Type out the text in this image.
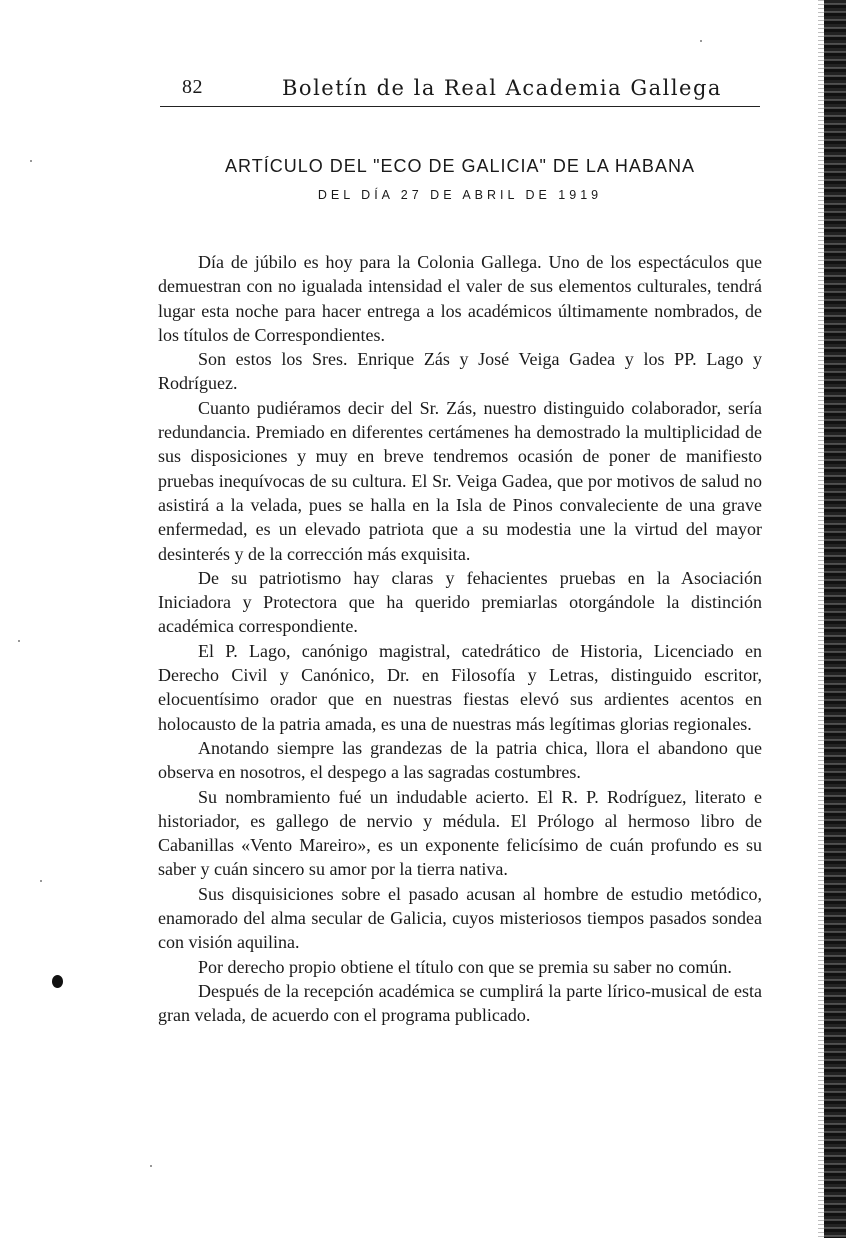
82	Boletín de la Real Academia Gallega
ARTÍCULO DEL "ECO DE GALICIA" DE LA HABANA
DEL DÍA 27 DE ABRIL DE 1919

Día de júbilo es hoy para la Colonia Gallega. Uno de los espectáculos que demuestran con no igualada intensidad el valer de sus elementos culturales, tendrá lugar esta noche para hacer entrega a los académicos últimamente nombrados, de los títulos de Correspondientes.

Son estos los Sres. Enrique Zás y José Veiga Gadea y los PP. Lago y Rodríguez.

Cuanto pudiéramos decir del Sr. Zás, nuestro distinguido colaborador, sería redundancia. Premiado en diferentes certámenes ha demostrado la multiplicidad de sus disposiciones y muy en breve tendremos ocasión de poner de manifiesto pruebas inequívocas de su cultura. El Sr. Veiga Gadea, que por motivos de salud no asistirá a la velada, pues se halla en la Isla de Pinos convaleciente de una grave enfermedad, es un elevado patriota que a su modestia une la virtud del mayor desinterés y de la corrección más exquisita.

De su patriotismo hay claras y fehacientes pruebas en la Asociación Iniciadora y Protectora que ha querido premiarlas otorgándole la distinción académica correspondiente.

El P. Lago, canónigo magistral, catedrático de Historia, Licenciado en Derecho Civil y Canónico, Dr. en Filosofía y Letras, distinguido escritor, elocuentísimo orador que en nuestras fiestas elevó sus ardientes acentos en holocausto de la patria amada, es una de nuestras más legítimas glorias regionales.

Anotando siempre las grandezas de la patria chica, llora el abandono que observa en nosotros, el despego a las sagradas costumbres.

Su nombramiento fué un indudable acierto. El R. P. Rodríguez, literato e historiador, es gallego de nervio y médula. El Prólogo al hermoso libro de Cabanillas «Vento Mareiro», es un exponente felicísimo de cuán profundo es su saber y cuán sincero su amor por la tierra nativa.

Sus disquisiciones sobre el pasado acusan al hombre de estudio metódico, enamorado del alma secular de Galicia, cuyos misteriosos tiempos pasados sondea con visión aquilina.

Por derecho propio obtiene el título con que se premia su saber no común.

Después de la recepción académica se cumplirá la parte lírico-musical de esta gran velada, de acuerdo con el programa publicado.
